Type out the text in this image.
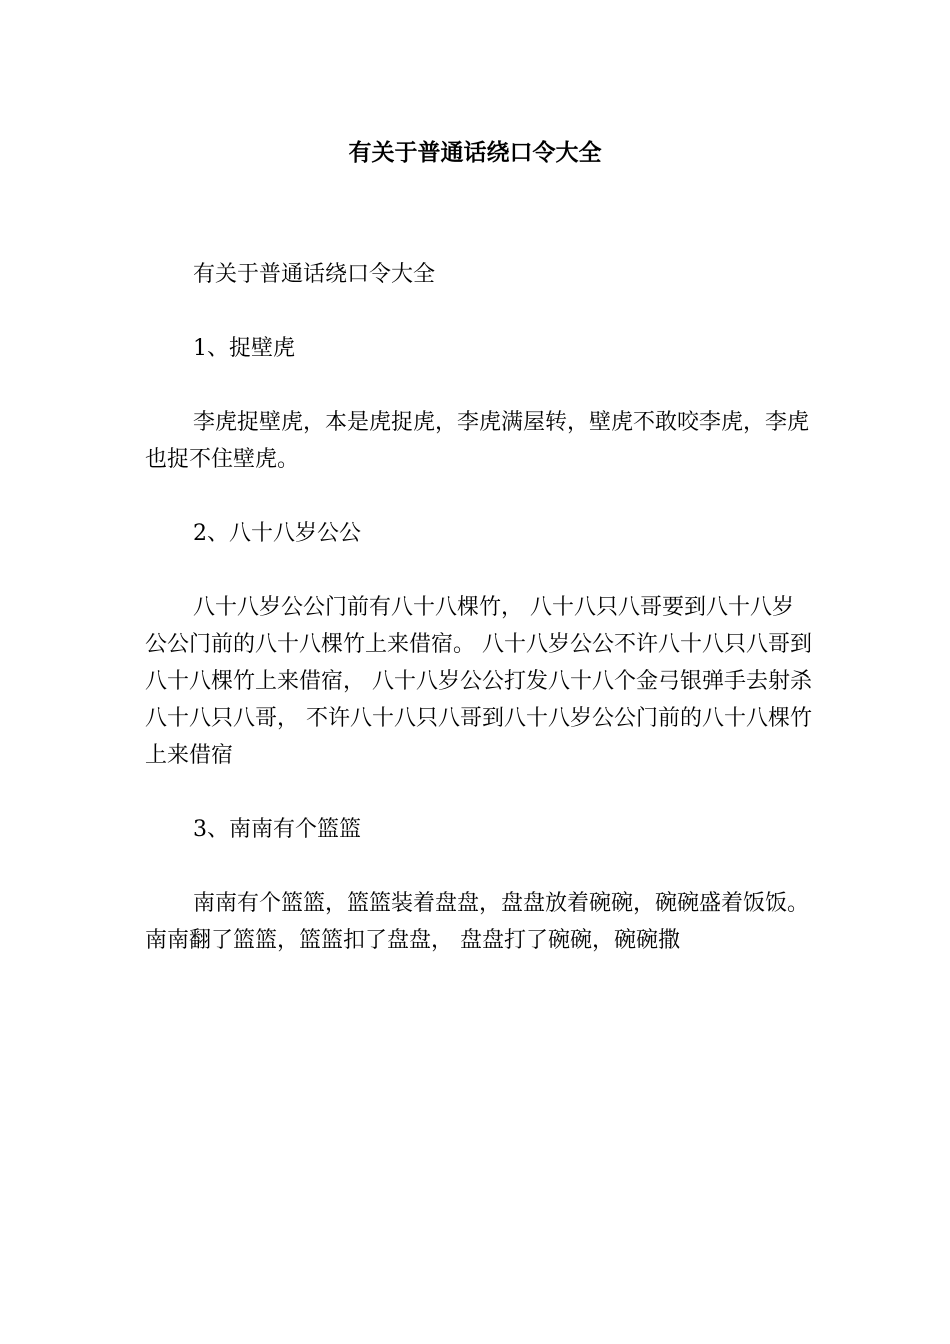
有关于普通话绕口令大全

有关于普通话绕口令大全

1、捉壁虎

李虎捉壁虎，本是虎捉虎，李虎满屋转，壁虎不敢咬李虎，李虎也捉不住壁虎。

2、八十八岁公公

八十八岁公公门前有八十八棵竹， 八十八只八哥要到八十八岁公公门前的八十八棵竹上来借宿。 八十八岁公公不许八十八只八哥到八十八棵竹上来借宿， 八十八岁公公打发八十八个金弓银弹手去射杀八十八只八哥， 不许八十八只八哥到八十八岁公公门前的八十八棵竹上来借宿

3、南南有个篮篮

南南有个篮篮，篮篮装着盘盘，盘盘放着碗碗，碗碗盛着饭饭。南南翻了篮篮，篮篮扣了盘盘， 盘盘打了碗碗，碗碗撒
